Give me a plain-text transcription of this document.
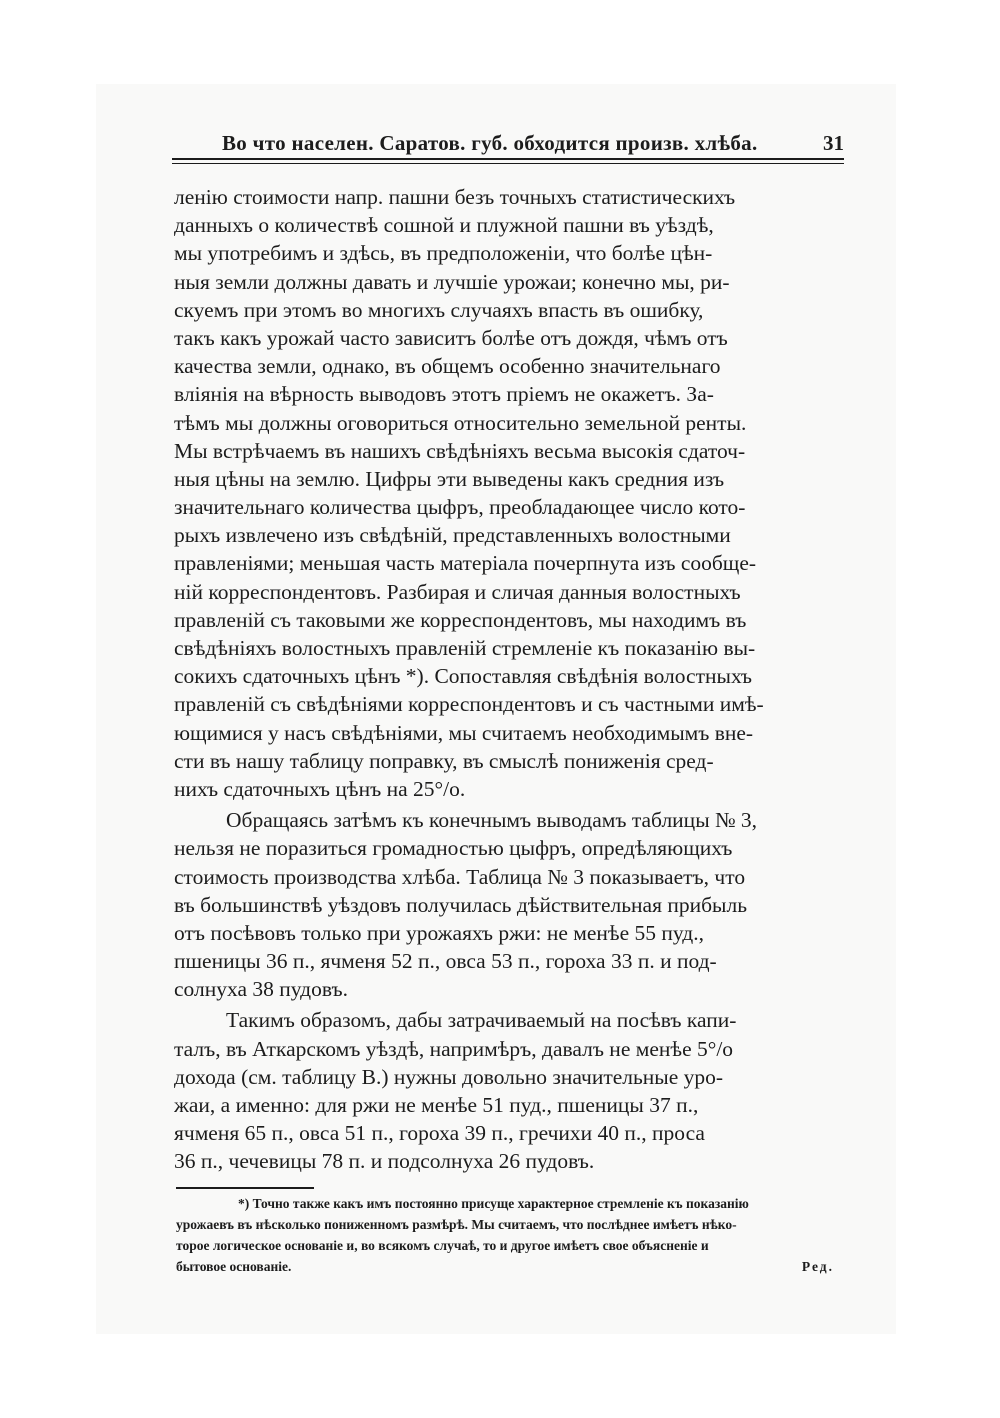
Во что населен. Саратов. губ. обходится произв. хлѣба.	31
ленію стоимости напр. пашни безъ точныхъ статистическихъ
данныхъ о количествѣ сошной и плужной пашни въ уѣздѣ,
мы употребимъ и здѣсь, въ предположеніи, что болѣе цѣн-
ныя земли должны давать и лучшіе урожаи; конечно мы, ри-
скуемъ при этомъ во многихъ случаяхъ впасть въ ошибку,
такъ какъ урожай часто зависитъ болѣе отъ дождя, чѣмъ отъ
качества земли, однако, въ общемъ особенно значительнаго
вліянія на вѣрность выводовъ этотъ пріемъ не окажетъ. За-
тѣмъ мы должны оговориться относительно земельной ренты.
Мы встрѣчаемъ въ нашихъ свѣдѣніяхъ весьма высокія сдаточ-
ныя цѣны на землю. Цифры эти выведены какъ средния изъ
значительнаго количества цыфръ, преобладающее число кото-
рыхъ извлечено изъ свѣдѣній, представленныхъ волостными
правленіями; меньшая часть матеріала почерпнута изъ сообще-
ній корреспондентовъ. Разбирая и сличая данныя волостныхъ
правленій съ таковыми же корреспондентовъ, мы находимъ въ
свѣдѣніяхъ волостныхъ правленій стремленіе къ показанію вы-
сокихъ сдаточныхъ цѣнъ *). Сопоставляя свѣдѣнія волостныхъ
правленій съ свѣдѣніями корреспондентовъ и съ частными имѣ-
ющимися у насъ свѣдѣніями, мы считаемъ необходимымъ вне-
сти въ нашу таблицу поправку, въ смыслѣ пониженія сред-
нихъ сдаточныхъ цѣнъ на 25°/о.
Обращаясь затѣмъ къ конечнымъ выводамъ таблицы № 3,
нельзя не поразиться громадностью цыфръ, опредѣляющихъ
стоимость производства хлѣба. Таблица № 3 показываетъ, что
въ большинствѣ уѣздовъ получилась дѣйствительная прибыль
отъ посѣвовъ только при урожаяхъ ржи: не менѣе 55 пуд.,
пшеницы 36 п., ячменя 52 п., овса 53 п., гороха 33 п. и под-
солнуха 38 пудовъ.
Такимъ образомъ, дабы затрачиваемый на посѣвъ капи-
талъ, въ Аткарскомъ уѣздѣ, напримѣръ, давалъ не менѣе 5°/о
дохода (см. таблицу В.) нужны довольно значительные уро-
жаи, а именно: для ржи не менѣе 51 пуд., пшеницы 37 п.,
ячменя 65 п., овса 51 п., гороха 39 п., гречихи 40 п., проса
36 п., чечевицы 78 п. и подсолнуха 26 пудовъ.
*) Точно также какъ имъ постоянно присуще характерное стремленіе къ показанію
урожаевъ въ нѣсколько пониженномъ размѣрѣ. Мы считаемъ, что послѣднее имѣетъ нѣко-
торое логическое основаніе и, во всякомъ случаѣ, то и другое имѣетъ свое объясненіе и
бытовое основаніе.	Ред.
